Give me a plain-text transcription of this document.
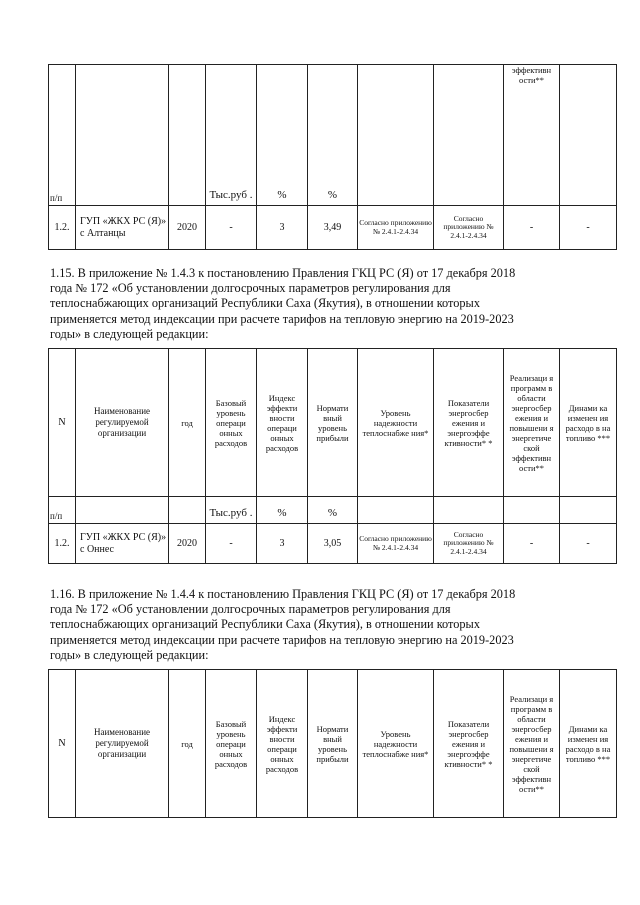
п/п			Тыс.руб .	%	%			эффективн ости**	
1.2.	ГУП «ЖКХ РС (Я)» с Алтанцы	2020	-	3	3,49	Согласно приложению № 2.4.1-2.4.34	Согласно приложению № 2.4.1-2.4.34	-	-

1.15. В приложение № 1.4.3 к постановлению Правления ГКЦ РС (Я) от 17 декабря 2018

года № 172 «Об установлении долгосрочных параметров регулирования для

теплоснабжающих организаций Республики Саха (Якутия), в отношении которых

применяется метод индексации при расчете тарифов на тепловую энергию на 2019-2023

годы» в следующей редакции:

N	Наименование регулируемой организации	год	Базовый уровень операци онных расходов	Индекс эффекти вности операци онных расходов	Нормати вный уровень прибыли	Уровень надежности теплоснабже ния*	Показатели энергосбер ежения и энергоэффе ктивности* *	Реализаци я программ в области энергосбер ежения и повышени я энергетиче ской эффективн ости**	Динами ка изменен ия расходо в на топливо ***
п/п			Тыс.руб .	%	%				
1.2.	ГУП «ЖКХ РС (Я)» с Оннес	2020	-	3	3,05	Согласно приложению № 2.4.1-2.4.34	Согласно приложению № 2.4.1-2.4.34	-	-

1.16. В приложение № 1.4.4 к постановлению Правления ГКЦ РС (Я) от 17 декабря 2018

года № 172 «Об установлении долгосрочных параметров регулирования для

теплоснабжающих организаций Республики Саха (Якутия), в отношении которых

применяется метод индексации при расчете тарифов на тепловую энергию на 2019-2023

годы» в следующей редакции:

N	Наименование регулируемой организации	год	Базовый уровень операци онных расходов	Индекс эффекти вности операци онных расходов	Нормати вный уровень прибыли	Уровень надежности теплоснабже ния*	Показатели энергосбер ежения и энергоэффе ктивности* *	Реализаци я программ в области энергосбер ежения и повышени я энергетиче ской эффективн ости**	Динами ка изменен ия расходо в на топливо ***
